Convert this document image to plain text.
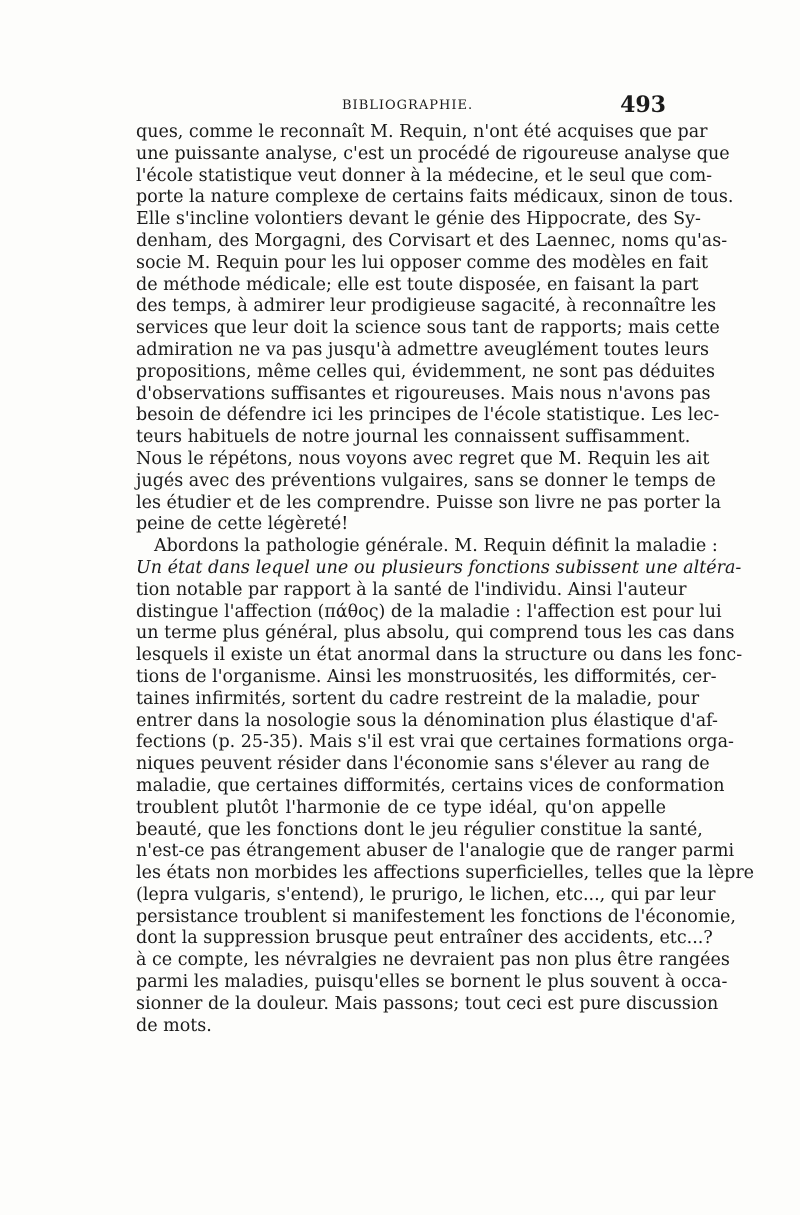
BIBLIOGRAPHIE.	493
ques, comme le reconnaît M. Requin, n'ont été acquises que par
une puissante analyse, c'est un procédé de rigoureuse analyse que
l'école statistique veut donner à la médecine, et le seul que com-
porte la nature complexe de certains faits médicaux, sinon de tous.
Elle s'incline volontiers devant le génie des Hippocrate, des Sy-
denham, des Morgagni, des Corvisart et des Laennec, noms qu'as-
socie M. Requin pour les lui opposer comme des modèles en fait
de méthode médicale; elle est toute disposée, en faisant la part
des temps, à admirer leur prodigieuse sagacité, à reconnaître les
services que leur doit la science sous tant de rapports; mais cette
admiration ne va pas jusqu'à admettre aveuglément toutes leurs
propositions, même celles qui, évidemment, ne sont pas déduites
d'observations suffisantes et rigoureuses. Mais nous n'avons pas
besoin de défendre ici les principes de l'école statistique. Les lec-
teurs habituels de notre journal les connaissent suffisamment.
Nous le répétons, nous voyons avec regret que M. Requin les ait
jugés avec des préventions vulgaires, sans se donner le temps de
les étudier et de les comprendre. Puisse son livre ne pas porter la
peine de cette légèreté!
Abordons la pathologie générale. M. Requin définit la maladie :
Un état dans lequel une ou plusieurs fonctions subissent une altéra-
tion notable par rapport à la santé de l'individu. Ainsi l'auteur
distingue l'affection (πάθος) de la maladie : l'affection est pour lui
un terme plus général, plus absolu, qui comprend tous les cas dans
lesquels il existe un état anormal dans la structure ou dans les fonc-
tions de l'organisme. Ainsi les monstruosités, les difformités, cer-
taines infirmités, sortent du cadre restreint de la maladie, pour
entrer dans la nosologie sous la dénomination plus élastique d'af-
fections (p. 25-35). Mais s'il est vrai que certaines formations orga-
niques peuvent résider dans l'économie sans s'élever au rang de
maladie, que certaines difformités, certains vices de conformation
troublent plutôt l'harmonie de ce type idéal, qu'on appelle
beauté, que les fonctions dont le jeu régulier constitue la santé,
n'est-ce pas étrangement abuser de l'analogie que de ranger parmi
les états non morbides les affections superficielles, telles que la lèpre
(lepra vulgaris, s'entend), le prurigo, le lichen, etc..., qui par leur
persistance troublent si manifestement les fonctions de l'économie,
dont la suppression brusque peut entraîner des accidents, etc...?
à ce compte, les névralgies ne devraient pas non plus être rangées
parmi les maladies, puisqu'elles se bornent le plus souvent à occa-
sionner de la douleur. Mais passons; tout ceci est pure discussion
de mots.
